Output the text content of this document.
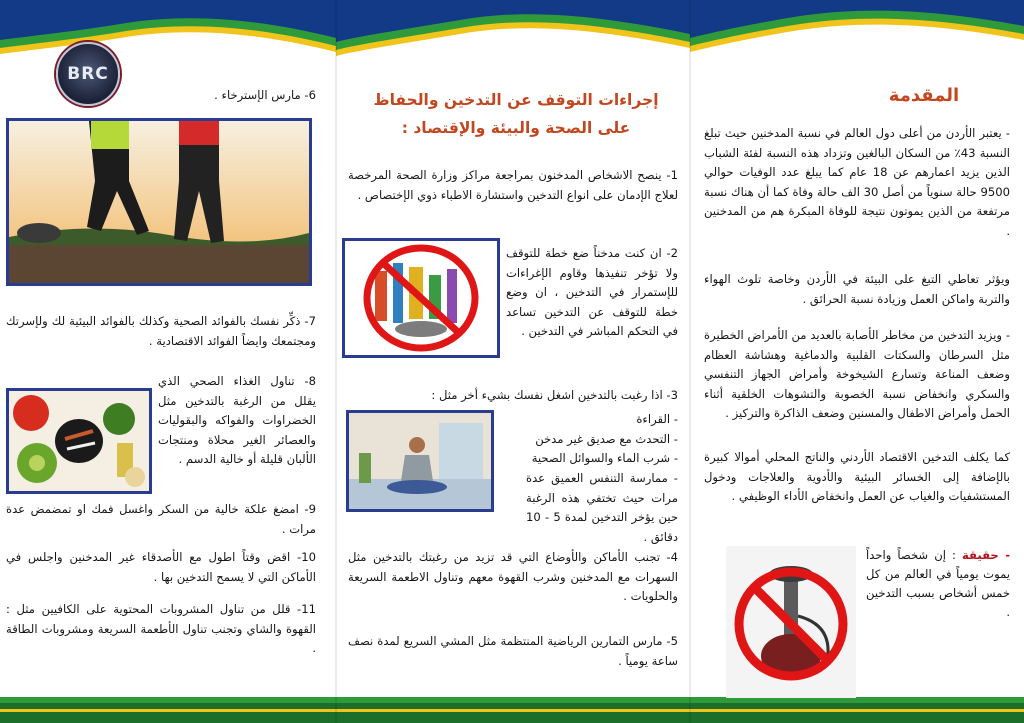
المقدمة

- يعتبر الأردن من أعلى دول العالم في نسبة المدخنين حيث تبلغ النسبة 43٪ من السكان البالغين وتزداد هذه النسبة لفئة الشباب الذين يزيد اعمارهم عن 18 عام كما يبلغ عدد الوفيات حوالي 9500 حالة سنوياً من أصل 30 الف حالة وفاة كما أن هناك نسبة مرتفعة من الذين يموتون نتيجة للوفاة المبكرة هم من المدخنين .

ويؤثر تعاطي التبغ على البيئة في الأردن وخاصة تلوث الهواء والتربة واماكن العمل وزيادة نسبة الحرائق .

- ويزيد التدخين من مخاطر الأصابة بالعديد من الأمراض الخطيرة مثل السرطان والسكتات القلبية والدماغية وهشاشة العظام وضعف المناعة وتسارع الشيخوخة وأمراض الجهاز التنفسي والسكري وانخفاض نسبة الخصوبة والتشوهات الخلقية أثناء الحمل وأمراض الاطفال والمسنين وضعف الذاكرة والتركيز .

كما يكلف التدخين الاقتصاد الأردني والناتج المحلي أموالا كبيرة بالإضافة إلى الخسائر البيئية والأدوية والعلاجات ودخول المستشفيات والغياب عن العمل وانخفاض الأداء الوظيفي .

- حقيقة : إن شخصاً واحداً يموت يومياً في العالم من كل خمس أشخاص بسبب التدخين .
إجراءات التوقف عن التدخين والحفاظ على الصحة والبيئة والإقتصاد :

1- ينصح الاشخاص المدخنون بمراجعة مراكز وزارة الصحة المرخصة لعلاج الإدمان على انواع التدخين واستشارة الاطباء ذوي الإختصاص .

2- ان كنت مدخناً ضع خطة للتوقف ولا تؤخر تنفيذها وقاوم الإغراءات للإستمرار في التدخين ، ان وضع خطة للتوقف عن التدخين تساعد في التحكم المباشر في التدخين .

3- اذا رغبت بالتدخين اشغل نفسك بشيء أخر مثل :

- القراءة
- التحدث مع صديق غير مدخن
- شرب الماء والسوائل الصحية

- ممارسة التنفس العميق عدة مرات حيث تختفي هذه الرغبة حين يؤخر التدخين لمدة 5 - 10 دقائق .

4- تجنب الأماكن والأوضاع التي قد تزيد من رغبتك بالتدخين مثل السهرات مع المدخنين وشرب القهوة معهم وتناول الاطعمة السريعة والحلويات .

5- مارس التمارين الرياضية المنتظمة مثل المشي السريع لمدة نصف ساعة يومياً .

BRC

6- مارس الإسترخاء .

7- ذكِّر نفسك بالفوائد الصحية وكذلك بالفوائد البيئية لك ولإسرتك ومجتمعك وايضاً الفوائد الاقتصادية .

8- تناول الغذاء الصحي الذي يقلل من الرغبة بالتدخين مثل الخضراوات والفواكه والبقوليات والعصائر الغير محلاة ومنتجات الألبان قليلة أو خالية الدسم .

9- امضغ علكة خالية من السكر واغسل فمك او تمضمض عدة مرات .

10- اقض وقتاً اطول مع الأصدقاء غير المدخنين واجلس في الأماكن التي لا يسمح التدخين بها .

11- قلل من تناول المشروبات المحتوية على الكافيين مثل : القهوة والشاي وتجنب تناول الأطعمة السريعة ومشروبات الطاقة .
